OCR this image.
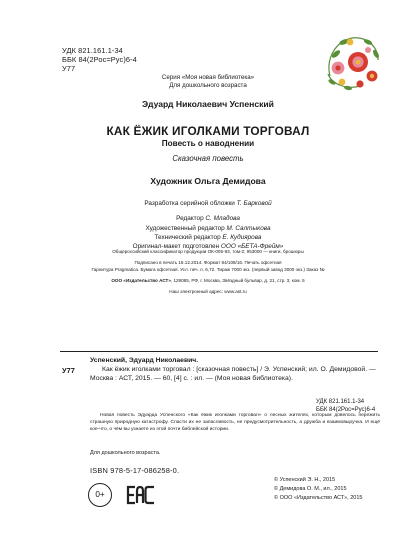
УДК 821.161.1-34
ББК 84(2Рос=Рус)6-4
У77
Серия «Моя новая библиотека»
Для дошкольного возраста
Эдуард Николаевич Успенский
КАК ЁЖИК ИГОЛКАМИ ТОРГОВАЛ
Повесть о наводнении
Сказочная повесть
Художник Ольга Демидова
Разработка серийной обложки Т. Барковой
Редактор С. Младова
Художественный редактор М. Салтыкова
Технический редактор Е. Кудиярова
Оригинал-макет подготовлен ООО «БЕТА-Фрейм»
Общероссийский классификатор продукции ОК-005-93, том-2; 953000 — книги, брошюры
Подписано в печать 18.12.2014. Формат 84/108/16. Печать офсетная
Гарнитура Pragmatica. Бумага офсетная. Усл. печ. л. 6,72. Тираж 7000 экз. (первый завод 3000 экз.) Заказ №
ООО «Издательство АСТ», 129085, РФ, г. Москва, Звёздный бульвар, д. 21, стр. 3, ком. 5
Наш электронный адрес: www.ast.ru
У77
Успенский, Эдуард Николаевич.
Как ёжик иголками торговал : [сказочная повесть] / Э. Успенский; ил. О. Демидовой. — Москва : АСТ, 2015. — 60, [4] с. : ил. — (Моя новая библиотека).
УДК 821.161.1-34
ББК 84(2Рос=Рус)6-4
Новая повесть Эдуарда Успенского «Как ёжик иголками торговал» о лесных жителях, которым довелось пережить страшную природную катастрофу. Спасти их не запасливость, не предусмотрительность, а дружба и взаимовыручка. И ещё кое-что, о чём вы узнаете из этой почти библейской истории.
Для дошкольного возраста.
ISBN 978-5-17-086258-0.
0+
© Успенский Э. Н., 2015
© Демидова О. М., ил., 2015
© ООО «Издательство АСТ», 2015
